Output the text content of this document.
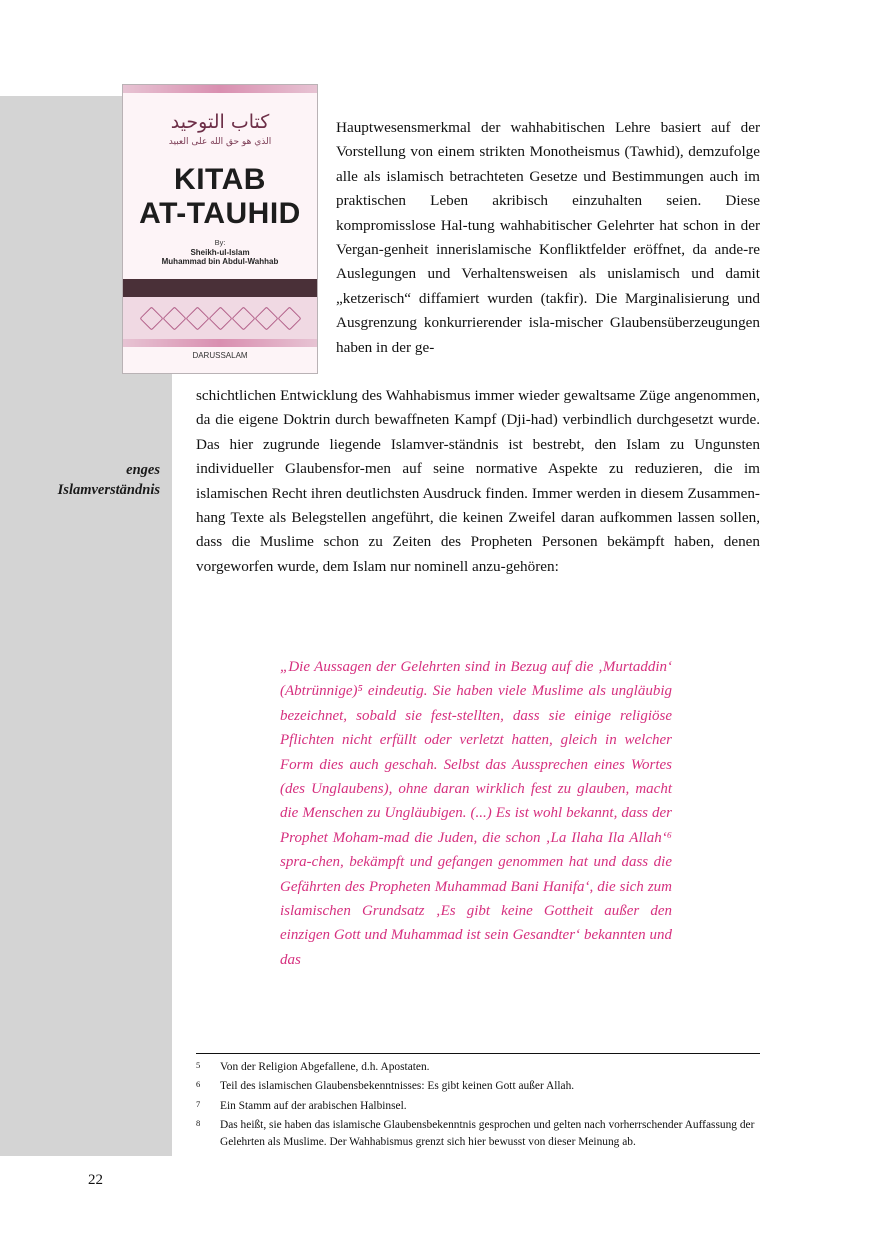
enges
Islamverständnis
كتاب التوحيد
الذي هو حق الله على العبيد
KITAB
AT-TAUHID
By:
Sheikh-ul-Islam
Muhammad bin Abdul-Wahhab
DARUSSALAM
Hauptwesensmerkmal der wahhabitischen Lehre basiert auf der Vorstellung von einem strikten Monotheismus (Tawhid), demzufolge alle als islamisch betrachteten Gesetze und Bestimmungen auch im praktischen Leben akribisch einzuhalten seien. Diese kompromisslose Hal-tung wahhabitischer Gelehrter hat schon in der Vergan-genheit innerislamische Konfliktfelder eröffnet, da ande-re Auslegungen und Verhaltensweisen als unislamisch und damit „ketzerisch“ diffamiert wurden (takfir). Die Marginalisierung und Ausgrenzung konkurrierender isla-mischer Glaubensüberzeugungen haben in der ge-
schichtlichen Entwicklung des Wahhabismus immer wieder gewaltsame Züge angenommen, da die eigene Doktrin durch bewaffneten Kampf (Dji-had) verbindlich durchgesetzt wurde. Das hier zugrunde liegende Islamver-ständnis ist bestrebt, den Islam zu Ungunsten individueller Glaubensfor-men auf seine normative Aspekte zu reduzieren, die im islamischen Recht ihren deutlichsten Ausdruck finden. Immer werden in diesem Zusammen-hang Texte als Belegstellen angeführt, die keinen Zweifel daran aufkommen lassen sollen, dass die Muslime schon zu Zeiten des Propheten Personen bekämpft haben, denen vorgeworfen wurde, dem Islam nur nominell anzu-gehören:
„Die Aussagen der Gelehrten sind in Bezug auf die ‚Murtaddin‘ (Abtrünnige)⁵ eindeutig. Sie haben viele Muslime als ungläubig bezeichnet, sobald sie fest-stellten, dass sie einige religiöse Pflichten nicht erfüllt oder verletzt hatten, gleich in welcher Form dies auch geschah. Selbst das Aussprechen eines Wortes (des Unglaubens), ohne daran wirklich fest zu glauben, macht die Menschen zu Ungläubigen. (...) Es ist wohl bekannt, dass der Prophet Moham-mad die Juden, die schon ‚La Ilaha Ila Allah‘⁶ spra-chen, bekämpft und gefangen genommen hat und dass die Gefährten des Propheten Muhammad Bani Hanifa‘, die sich zum islamischen Grundsatz ‚Es gibt keine Gottheit außer den einzigen Gott und Muhammad ist sein Gesandter‘ bekannten und das
5 Von der Religion Abgefallene, d.h. Apostaten.
6 Teil des islamischen Glaubensbekenntnisses: Es gibt keinen Gott außer Allah.
7 Ein Stamm auf der arabischen Halbinsel.
8 Das heißt, sie haben das islamische Glaubensbekenntnis gesprochen und gelten nach vorherrschender Auffassung der Gelehrten als Muslime. Der Wahhabismus grenzt sich hier bewusst von dieser Meinung ab.
22
